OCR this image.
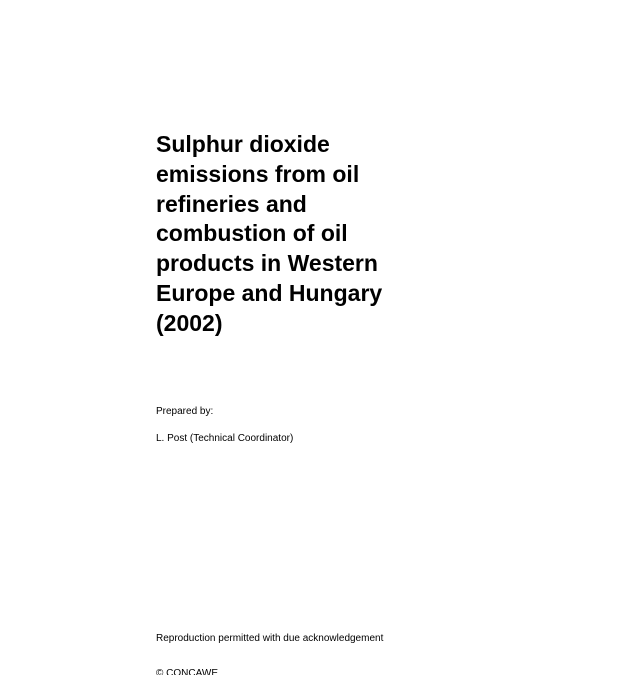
Sulphur dioxide
emissions from oil
refineries and
combustion of oil
products in Western
Europe and Hungary
(2002)

Prepared by:

L. Post (Technical Coordinator)

Reproduction permitted with due acknowledgement

© CONCAWE
